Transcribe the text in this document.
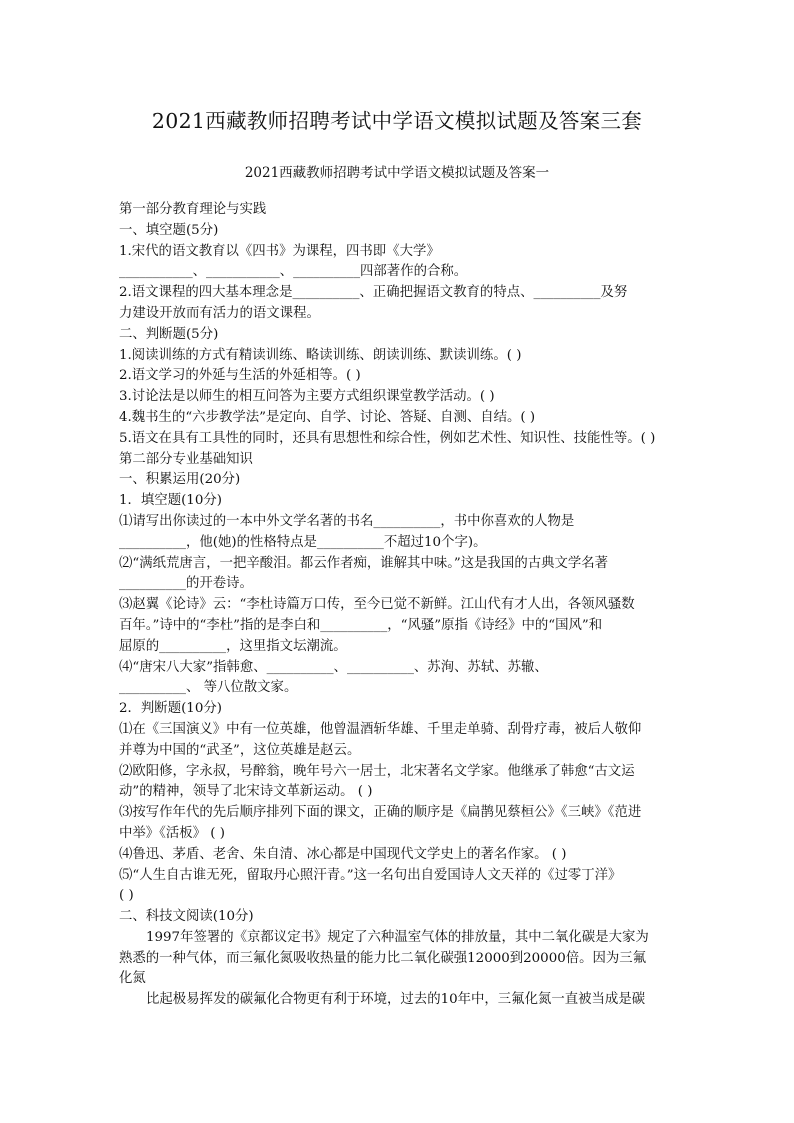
2021西藏教师招聘考试中学语文模拟试题及答案三套
2021西藏教师招聘考试中学语文模拟试题及答案一
第一部分教育理论与实践
一、填空题(5分)
1.宋代的语文教育以《四书》为课程，四书即《大学》
___________、___________、__________四部著作的合称。
2.语文课程的四大基本理念是__________、正确把握语文教育的特点、__________及努
力建设开放而有活力的语文课程。
二、判断题(5分)
1.阅读训练的方式有精读训练、略读训练、朗读训练、默读训练。( )
2.语文学习的外延与生活的外延相等。( )
3.讨论法是以师生的相互问答为主要方式组织课堂教学活动。( )
4.魏书生的“六步教学法”是定向、自学、讨论、答疑、自测、自结。( )
5.语文在具有工具性的同时，还具有思想性和综合性，例如艺术性、知识性、技能性等。( )
第二部分专业基础知识
一、积累运用(20分)
1．填空题(10分)
⑴请写出你读过的一本中外文学名著的书名__________，书中你喜欢的人物是
__________，他(她)的性格特点是__________不超过10个字)。
⑵“满纸荒唐言，一把辛酸泪。都云作者痴，谁解其中味。”这是我国的古典文学名著
__________的开卷诗。
⑶赵翼《论诗》云：“李杜诗篇万口传，至今已觉不新鲜。江山代有才人出，各领风骚数
百年。”诗中的“李杜”指的是李白和__________，“风骚”原指《诗经》中的“国风”和
屈原的__________，这里指文坛潮流。
⑷“唐宋八大家”指韩愈、__________、__________、苏洵、苏轼、苏辙、
__________、 等八位散文家。
2．判断题(10分)
⑴在《三国演义》中有一位英雄，他曾温酒斩华雄、千里走单骑、刮骨疗毒，被后人敬仰
并尊为中国的“武圣”，这位英雄是赵云。
⑵欧阳修，字永叔，号醉翁，晚年号六一居士，北宋著名文学家。他继承了韩愈“古文运
动”的精神，领导了北宋诗文革新运动。 ( )
⑶按写作年代的先后顺序排列下面的课文，正确的顺序是《扁鹊见蔡桓公》《三峡》《范进
中举》《活板》 ( )
⑷鲁迅、茅盾、老舍、朱自清、冰心都是中国现代文学史上的著名作家。 ( )
⑸“人生自古谁无死，留取丹心照汗青。”这一名句出自爱国诗人文天祥的《过零丁洋》
( )
二、科技文阅读(10分)
1997年签署的《京都议定书》规定了六种温室气体的排放量，其中二氧化碳是大家为
熟悉的一种气体，而三氟化氮吸收热量的能力比二氧化碳强12000到20000倍。因为三氟
化氮
比起极易挥发的碳氟化合物更有利于环境，过去的10年中，三氟化氮一直被当成是碳
